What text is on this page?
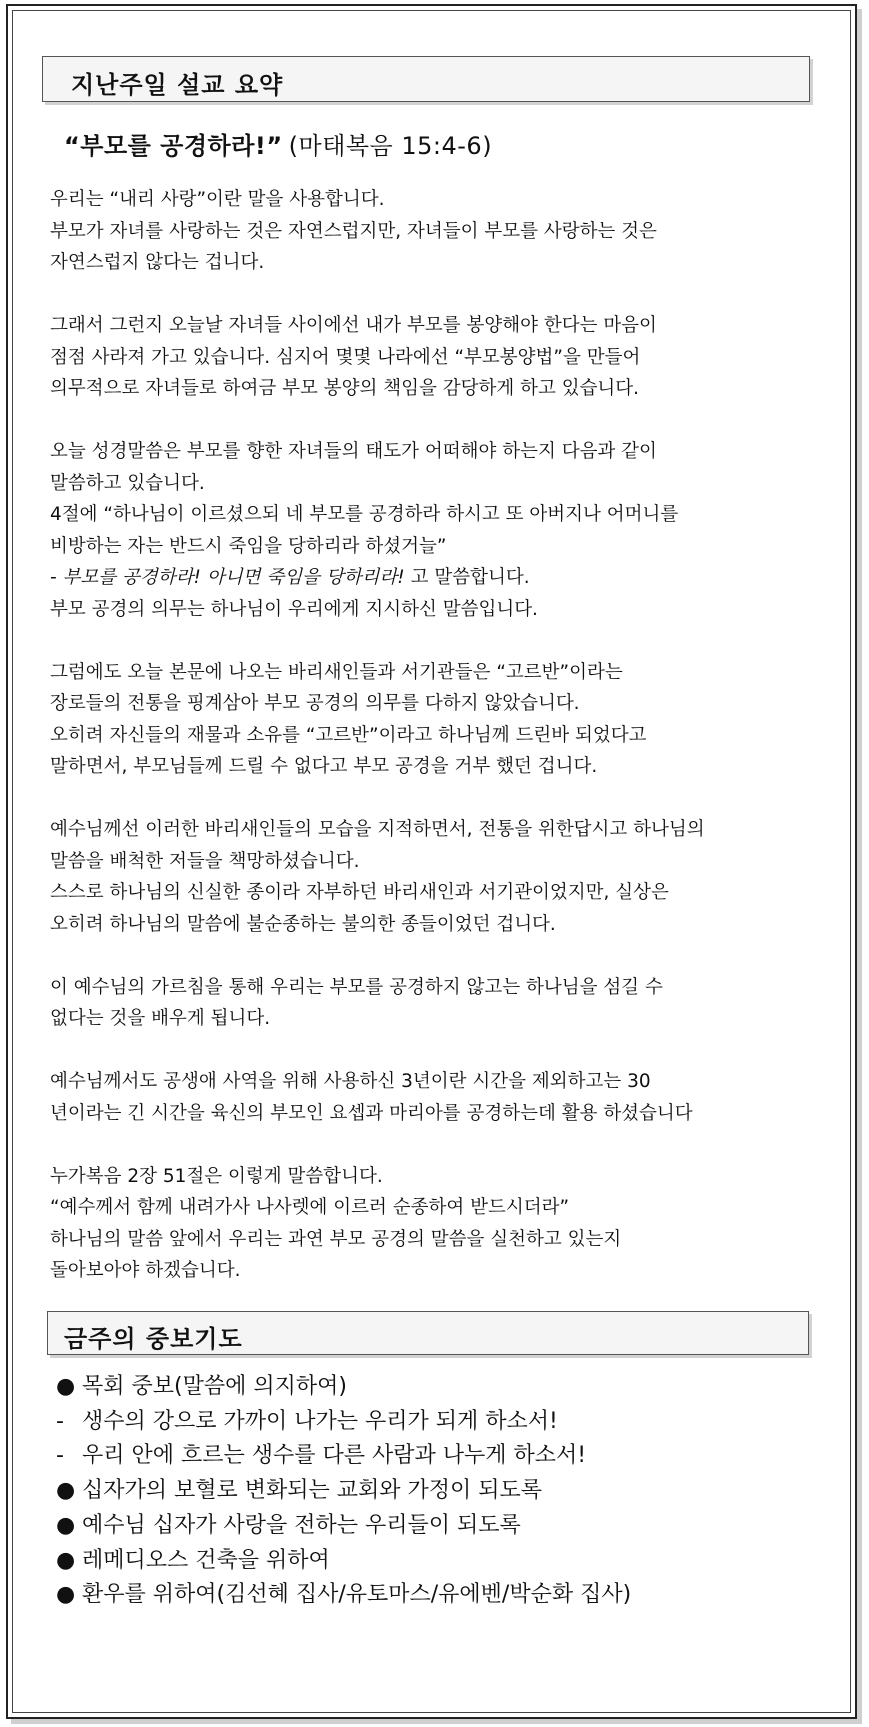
지난주일 설교 요약
“부모를 공경하라!” (마태복음 15:4-6)

우리는 “내리 사랑”이란 말을 사용합니다.
부모가 자녀를 사랑하는 것은 자연스럽지만, 자녀들이 부모를 사랑하는 것은
자연스럽지 않다는 겁니다.

그래서 그런지 오늘날 자녀들 사이에선 내가 부모를 봉양해야 한다는 마음이
점점 사라져 가고 있습니다. 심지어 몇몇 나라에선 “부모봉양법”을 만들어
의무적으로 자녀들로 하여금 부모 봉양의 책임을 감당하게 하고 있습니다.

오늘 성경말씀은 부모를 향한 자녀들의 태도가 어떠해야 하는지 다음과 같이
말씀하고 있습니다.
4절에 “하나님이 이르셨으되 네 부모를 공경하라 하시고 또 아버지나 어머니를
비방하는 자는 반드시 죽임을 당하리라 하셨거늘”
- 부모를 공경하라! 아니면 죽임을 당하리라! 고 말씀합니다.
부모 공경의 의무는 하나님이 우리에게 지시하신 말씀입니다.

그럼에도 오늘 본문에 나오는 바리새인들과 서기관들은 “고르반”이라는
장로들의 전통을 핑계삼아 부모 공경의 의무를 다하지 않았습니다.
오히려 자신들의 재물과 소유를 “고르반”이라고 하나님께 드린바 되었다고
말하면서, 부모님들께 드릴 수 없다고 부모 공경을 거부 했던 겁니다.

예수님께선 이러한 바리새인들의 모습을 지적하면서, 전통을 위한답시고 하나님의
말씀을 배척한 저들을 책망하셨습니다.
스스로 하나님의 신실한 종이라 자부하던 바리새인과 서기관이었지만, 실상은
오히려 하나님의 말씀에 불순종하는 불의한 종들이었던 겁니다.

이 예수님의 가르침을 통해 우리는 부모를 공경하지 않고는 하나님을 섬길 수
없다는 것을 배우게 됩니다.

예수님께서도 공생애 사역을 위해 사용하신 3년이란 시간을 제외하고는 30
년이라는 긴 시간을 육신의 부모인 요셉과 마리아를 공경하는데 활용 하셨습니다

누가복음 2장 51절은 이렇게 말씀합니다.
“예수께서 함께 내려가사 나사렛에 이르러 순종하여 받드시더라”
하나님의 말씀 앞에서 우리는 과연 부모 공경의 말씀을 실천하고 있는지
돌아보아야 하겠습니다.

금주의 중보기도
● 목회 중보(말씀에 의지하여)
- 생수의 강으로 가까이 나가는 우리가 되게 하소서!
- 우리 안에 흐르는 생수를 다른 사람과 나누게 하소서!
● 십자가의 보혈로 변화되는 교회와 가정이 되도록
● 예수님 십자가 사랑을 전하는 우리들이 되도록
● 레메디오스 건축을 위하여
● 환우를 위하여(김선혜 집사/유토마스/유에벤/박순화 집사)
